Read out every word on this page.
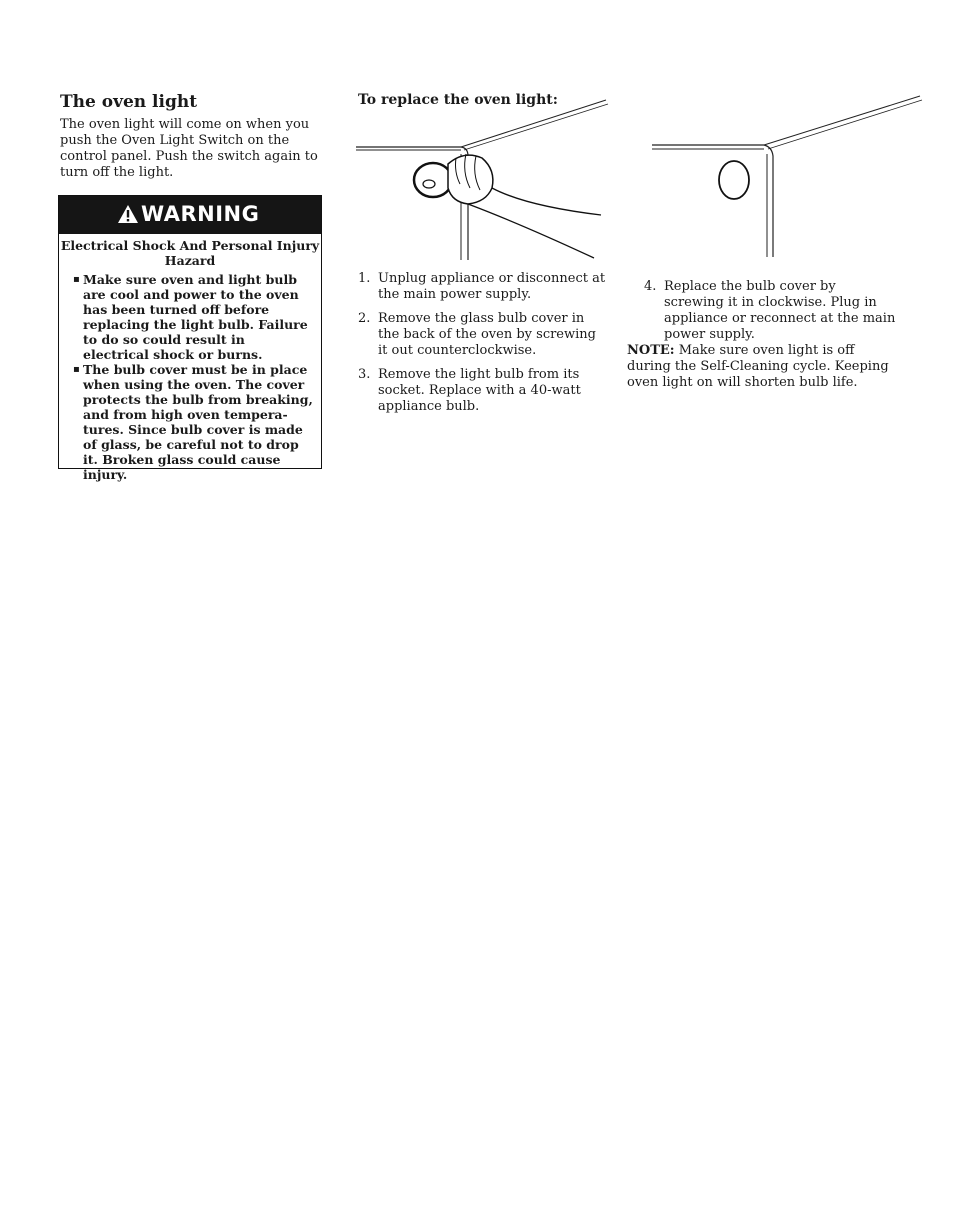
The oven light
The oven light will come on when you push the Oven Light Switch on the control panel. Push the switch again to turn off the light.
WARNING
Electrical Shock And Personal Injury Hazard
▪ Make sure oven and light bulb are cool and power to the oven has been turned off before replacing the light bulb. Failure to do so could result in electrical shock or burns.
▪ The bulb cover must be in place when using the oven. The cover protects the bulb from breaking, and from high oven tempera- tures. Since bulb cover is made of glass, be careful not to drop it. Broken glass could cause injury.
To replace the oven light:
1. Unplug appliance or disconnect at the main power supply.
2. Remove the glass bulb cover in the back of the oven by screwing it out counterclockwise.
3. Remove the light bulb from its socket. Replace with a 40-watt appliance bulb.
4. Replace the bulb cover by screwing it in clockwise. Plug in appliance or reconnect at the main power supply.
NOTE: Make sure oven light is off during the Self-Cleaning cycle. Keeping oven light on will shorten bulb life.
